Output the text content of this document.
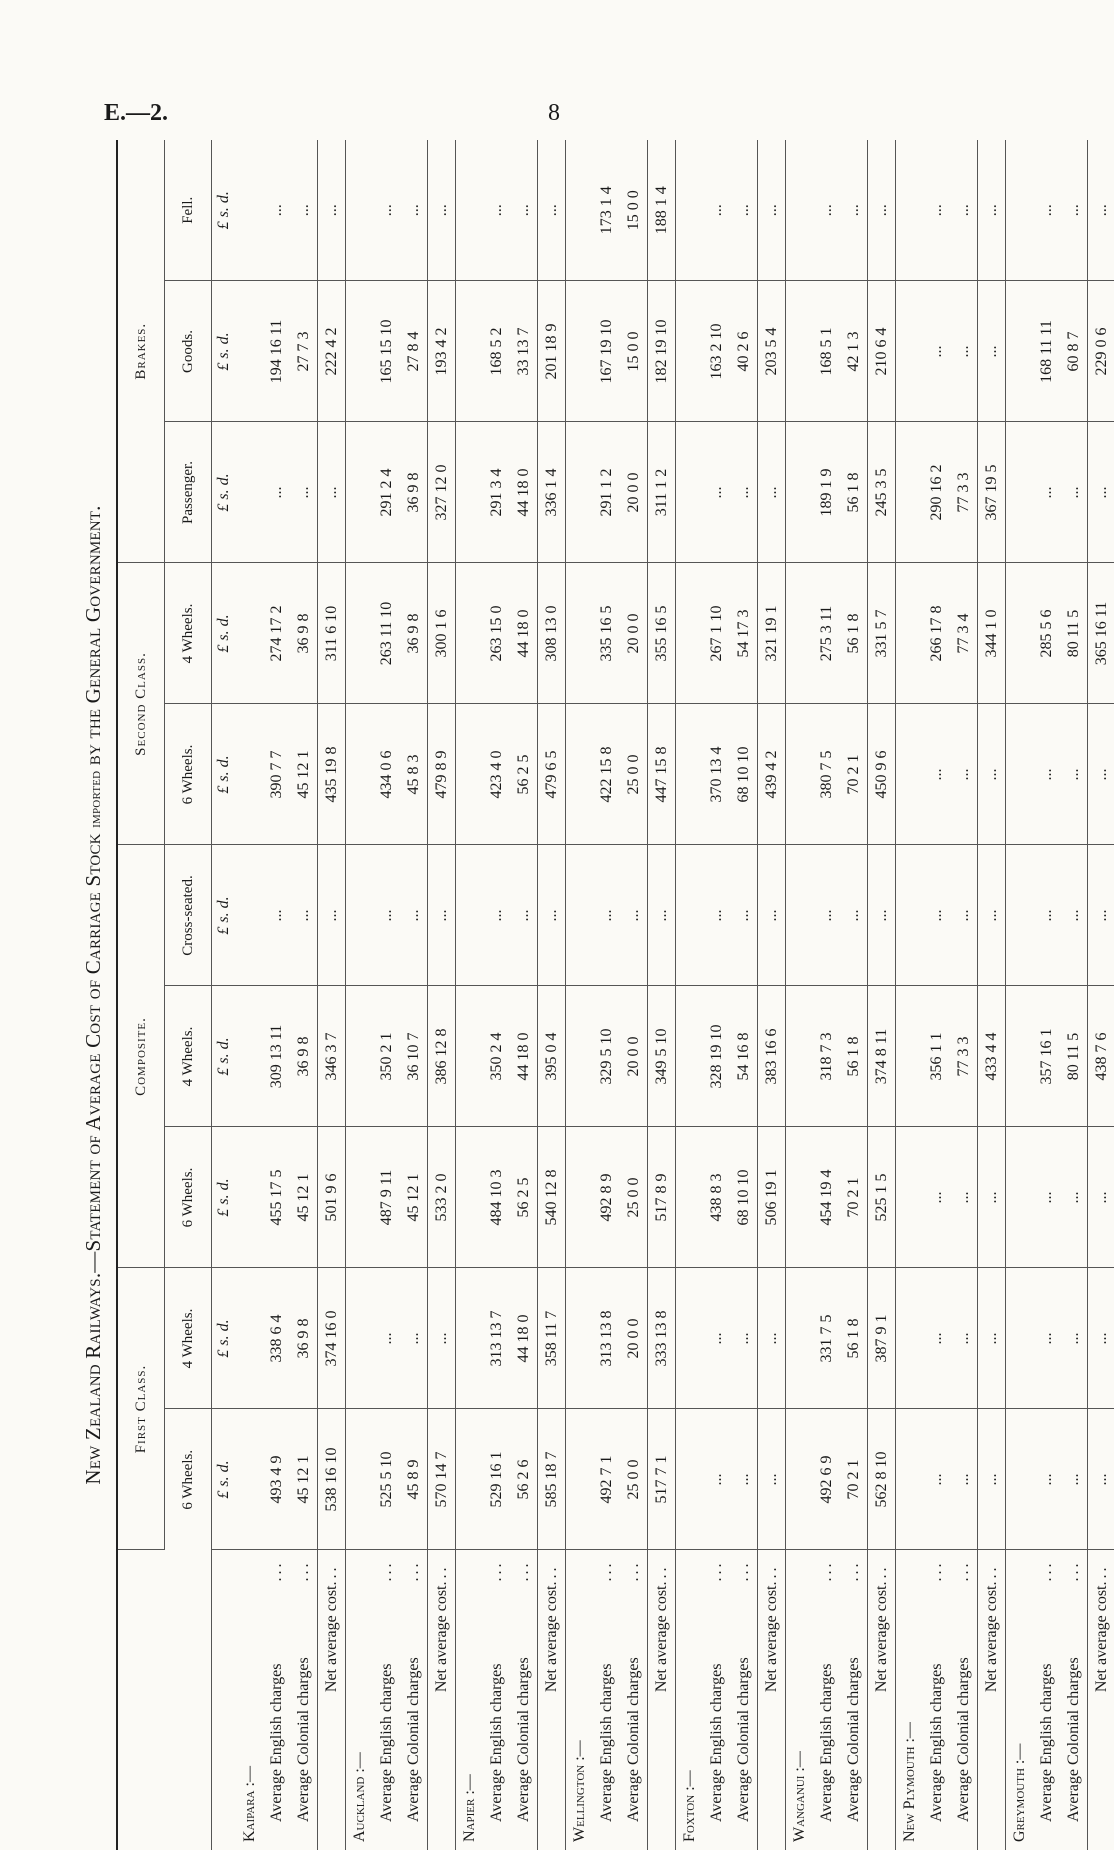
E.—2.	8
New Zealand Railways.—Statement of Average Cost of Carriage Stock imported by the General Government.
	First Class.		Composite.			Second Class.		Brakes.		
	6 Wheels.	4 Wheels.	6 Wheels.	4 Wheels.	Cross-seated.	6 Wheels.	4 Wheels.	Passenger.	Goods.	Fell.
	£ s. d.	£ s. d.	£ s. d.	£ s. d.	£ s. d.	£ s. d.	£ s. d.	£ s. d.	£ s. d.	£ s. d.
Kaipara :—										
Average English charges
...	493 4 9	338 6 4	455 17 5	309 13 11	...	390 7 7	274 17 2	...	194 16 11	...
Average Colonial charges
...	45 12 1	36 9 8	45 12 1	36 9 8	...	45 12 1	36 9 8	...	27 7 3	...
Net average cost
...	538 16 10	374 16 0	501 9 6	346 3 7	...	435 19 8	311 6 10	...	222 4 2	...
Auckland :—										
Average English charges
...	525 5 10	...	487 9 11	350 2 1	...	434 0 6	263 11 10	291 2 4	165 15 10	...
Average Colonial charges
...	45 8 9	...	45 12 1	36 10 7	...	45 8 3	36 9 8	36 9 8	27 8 4	...
Net average cost
...	570 14 7	...	533 2 0	386 12 8	...	479 8 9	300 1 6	327 12 0	193 4 2	...
Napier :—										
Average English charges
...	529 16 1	313 13 7	484 10 3	350 2 4	...	423 4 0	263 15 0	291 3 4	168 5 2	...
Average Colonial charges
...	56 2 6	44 18 0	56 2 5	44 18 0	...	56 2 5	44 18 0	44 18 0	33 13 7	...
Net average cost
...	585 18 7	358 11 7	540 12 8	395 0 4	...	479 6 5	308 13 0	336 1 4	201 18 9	...
Wellington :—										
Average English charges
...	492 7 1	313 13 8	492 8 9	329 5 10	...	422 15 8	335 16 5	291 1 2	167 19 10	173 1 4
Average Colonial charges
...	25 0 0	20 0 0	25 0 0	20 0 0	...	25 0 0	20 0 0	20 0 0	15 0 0	15 0 0
Net average cost
...	517 7 1	333 13 8	517 8 9	349 5 10	...	447 15 8	355 16 5	311 1 2	182 19 10	188 1 4
Foxton :—										
Average English charges
...	...	...	438 8 3	328 19 10	...	370 13 4	267 1 10	...	163 2 10	...
Average Colonial charges
...	...	...	68 10 10	54 16 8	...	68 10 10	54 17 3	...	40 2 6	...
Net average cost
...	...	...	506 19 1	383 16 6	...	439 4 2	321 19 1	...	203 5 4	...
Wanganui :—										
Average English charges
...	492 6 9	331 7 5	454 19 4	318 7 3	...	380 7 5	275 3 11	189 1 9	168 5 1	...
Average Colonial charges
...	70 2 1	56 1 8	70 2 1	56 1 8	...	70 2 1	56 1 8	56 1 8	42 1 3	...
Net average cost
...	562 8 10	387 9 1	525 1 5	374 8 11	...	450 9 6	331 5 7	245 3 5	210 6 4	...
New Plymouth :—										
Average English charges
...	...	...	...	356 1 1	...	...	266 17 8	290 16 2	...	...
Average Colonial charges
...	...	...	...	77 3 3	...	...	77 3 4	77 3 3	...	...
Net average cost
...	...	...	...	433 4 4	...	...	344 1 0	367 19 5	...	...
Greymouth :—										
Average English charges
...	...	...	...	357 16 1	...	...	285 5 6	...	168 11 11	...
Average Colonial charges
...	...	...	...	80 11 5	...	...	80 11 5	...	60 8 7	...
Net average cost
...	...	...	...	438 7 6	...	...	365 16 11	...	229 0 6	...
